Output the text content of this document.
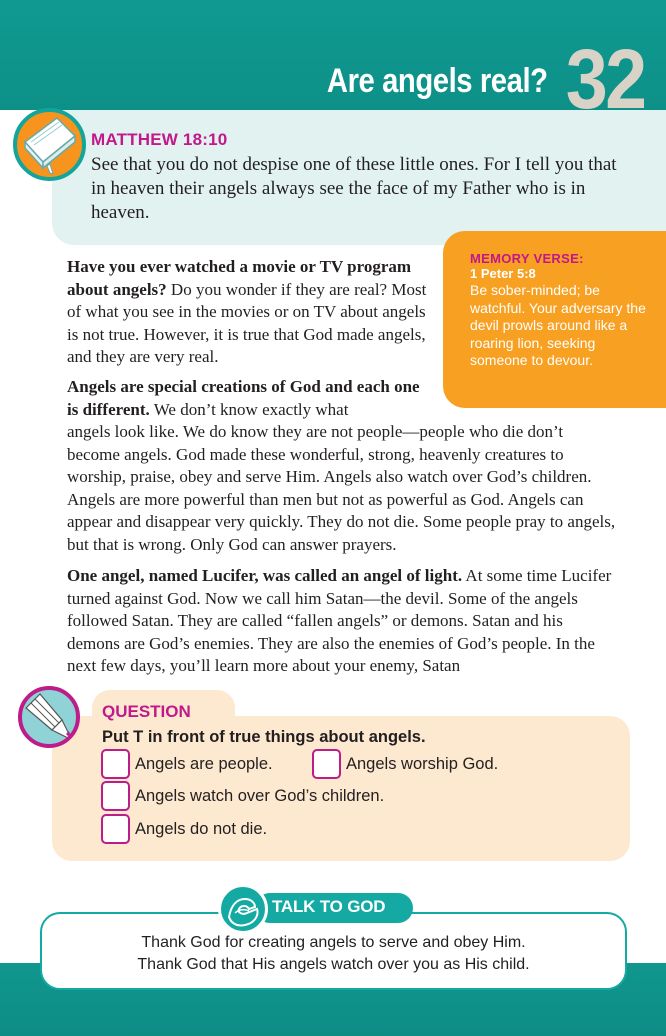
Are angels real? 32
MATTHEW 18:10
See that you do not despise one of these little ones. For I tell you that in heaven their angels always see the face of my Father who is in heaven.
MEMORY VERSE:
1 Peter 5:8
Be sober-minded; be watchful. Your adversary the devil prowls around like a roaring lion, seeking someone to devour.
Have you ever watched a movie or TV program about angels? Do you wonder if they are real? Most of what you see in the movies or on TV about angels is not true. However, it is true that God made angels, and they are very real.
Angels are special creations of God and each one is different. We don’t know exactly what
angels look like. We do know they are not people—people who die don’t become angels. God made these wonderful, strong, heavenly creatures to worship, praise, obey and serve Him. Angels also watch over God’s children. Angels are more powerful than men but not as powerful as God. Angels can appear and disappear very quickly. They do not die. Some people pray to angels, but that is wrong. Only God can answer prayers.
One angel, named Lucifer, was called an angel of light. At some time Lucifer turned against God. Now we call him Satan—the devil. Some of the angels followed Satan. They are called “fallen angels” or demons. Satan and his demons are God’s enemies. They are also the enemies of God’s people. In the next few days, you’ll learn more about your enemy, Satan
QUESTION
Put T in front of true things about angels.
Angels are people.	Angels worship God.
Angels watch over God’s children.
Angels do not die.
TALK TO GOD
Thank God for creating angels to serve and obey Him.
Thank God that His angels watch over you as His child.
